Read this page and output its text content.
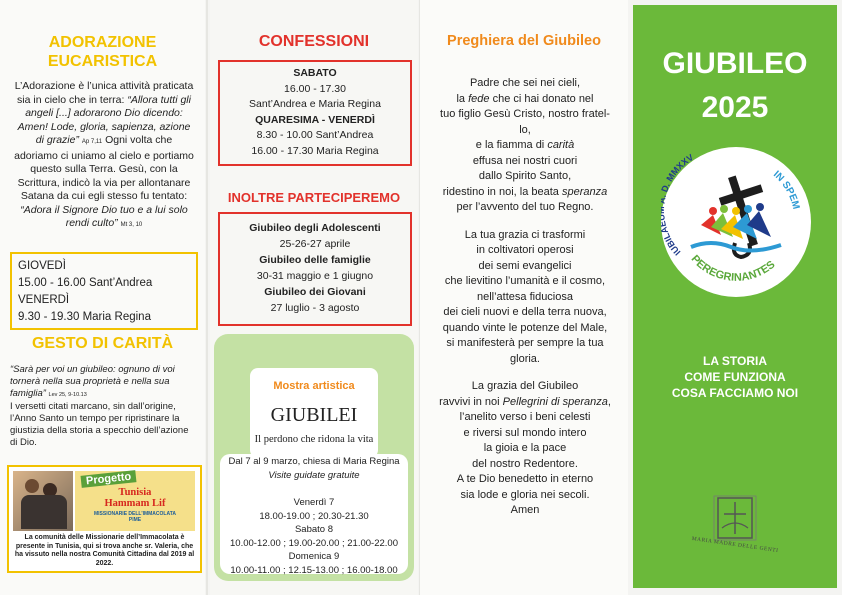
ADORAZIONE
EUCARISTICA
L’Adorazione è l’unica attività praticata sia in cielo che in terra: “Allora tutti gli angeli [...] adorarono Dio dicendo: Amen! Lode, gloria, sapienza, azione di grazie” Ap 7,11 Ogni volta che adoriamo ci uniamo al cielo e portiamo questo sulla Terra. Gesù, con la Scrittura, indicò la via per allontanare Satana da cui egli stesso fu tentato: “Adora il Signore Dio tuo e a lui solo rendi culto” Mt 3, 10
GIOVEDÌ
15.00 - 16.00 Sant’Andrea
VENERDÌ
9.30 - 19.30 Maria Regina
GESTO DI CARITÀ
“Sarà per voi un giubileo: ognuno di voi tornerà nella sua proprietà e nella sua famiglia” Lev 25, 9-10.13
I versetti citati marcano, sin dall’origine, l’Anno Santo un tempo per ripristinare la giustizia della storia a specchio dell’azione di Dio.
Progetto
Tunisia
Hammam Lif
MISSIONARIE DELL’IMMACOLATA
PIME
La comunità delle Missionarie dell’Immacolata è presente in Tunisia, qui si trova anche sr. Valeria, che ha vissuto nella nostra Comunità Cittadina dal 2019 al 2022.
CONFESSIONI
SABATO
16.00 - 17.30
Sant’Andrea e Maria Regina
QUARESIMA - VENERDÌ
8.30 - 10.00 Sant’Andrea
16.00 - 17.30 Maria Regina
INOLTRE PARTECIPEREMO
Giubileo degli Adolescenti
25-26-27 aprile
Giubileo delle famiglie
30-31 maggio e 1 giugno
Giubileo dei Giovani
27 luglio - 3 agosto
Mostra artistica
GIUBILEI
Il perdono che ridona la vita
Dal 7 al 9 marzo, chiesa di Maria Regina
Visite guidate gratuite
Venerdì 7
18.00-19.00 ; 20.30-21.30
Sabato 8
10.00-12.00 ; 19.00-20.00 ; 21.00-22.00
Domenica 9
10.00-11.00 ; 12.15-13.00 ; 16.00-18.00
Preghiera del Giubileo

Padre che sei nei cieli,
la fede che ci hai donato nel
tuo figlio Gesù Cristo, nostro fratel-
lo,
e la fiamma di carità
effusa nei nostri cuori
dallo Spirito Santo,
ridestino in noi, la beata speranza
per l’avvento del tuo Regno.

La tua grazia ci trasformi
in coltivatori operosi
dei semi evangelici
che lievitino l’umanità e il cosmo,
nell’attesa fiduciosa
dei cieli nuovi e della terra nuova,
quando vinte le potenze del Male,
si manifesterà per sempre la tua
gloria.

La grazia del Giubileo
ravvivi in noi Pellegrini di speranza,
l’anelito verso i beni celesti
e riversi sul mondo intero
la gioia e la pace
del nostro Redentore.
A te Dio benedetto in eterno
sia lode e gloria nei secoli.
Amen

GIUBILEO
2025
IUBIL . MMXXV
IN SPEM
PEREGRINANTES
LA STORIA
COME FUNZIONA
COSA FACCIAMO NOI
MARIA MADRE DELLE GENTI
